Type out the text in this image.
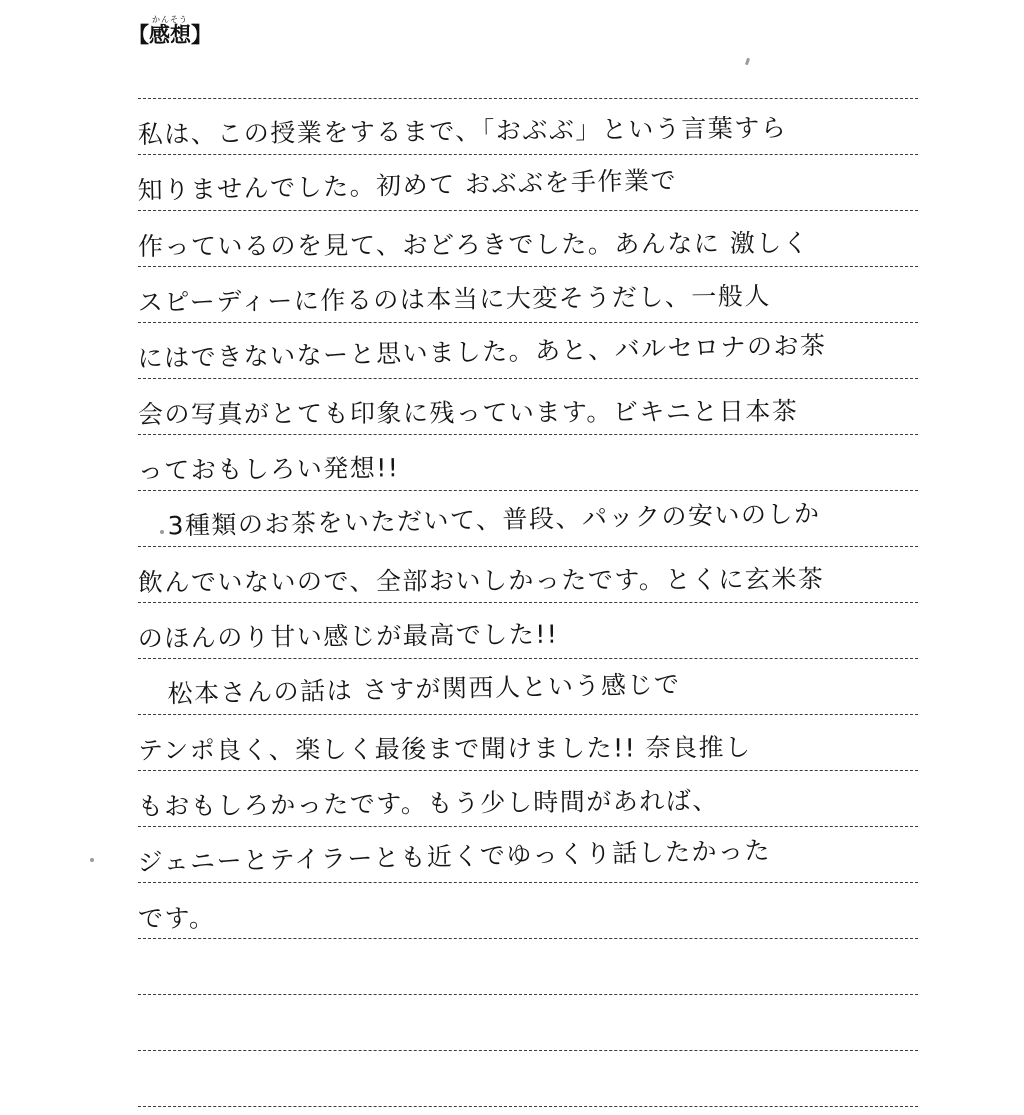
【
かんそう
感想 】
私は、この授業をするまで、「おぶぶ」という言葉すら
知りませんでした。初めて おぶぶを手作業で
作っているのを見て、おどろきでした。あんなに 激しく
スピーディーに作るのは本当に大変そうだし、一般人
にはできないなーと思いました。あと、バルセロナのお茶
会の写真がとても印象に残っています。ビキニと日本茶
っておもしろい発想!!
3種類のお茶をいただいて、普段、パックの安いのしか
飲んでいないので、全部おいしかったです。とくに玄米茶
のほんのり甘い感じが最高でした!!
松本さんの話は さすが関西人という感じで
テンポ良く、楽しく最後まで聞けました!! 奈良推し
もおもしろかったです。もう少し時間があれば、
ジェニーとテイラーとも近くでゆっくり話したかった
です。
